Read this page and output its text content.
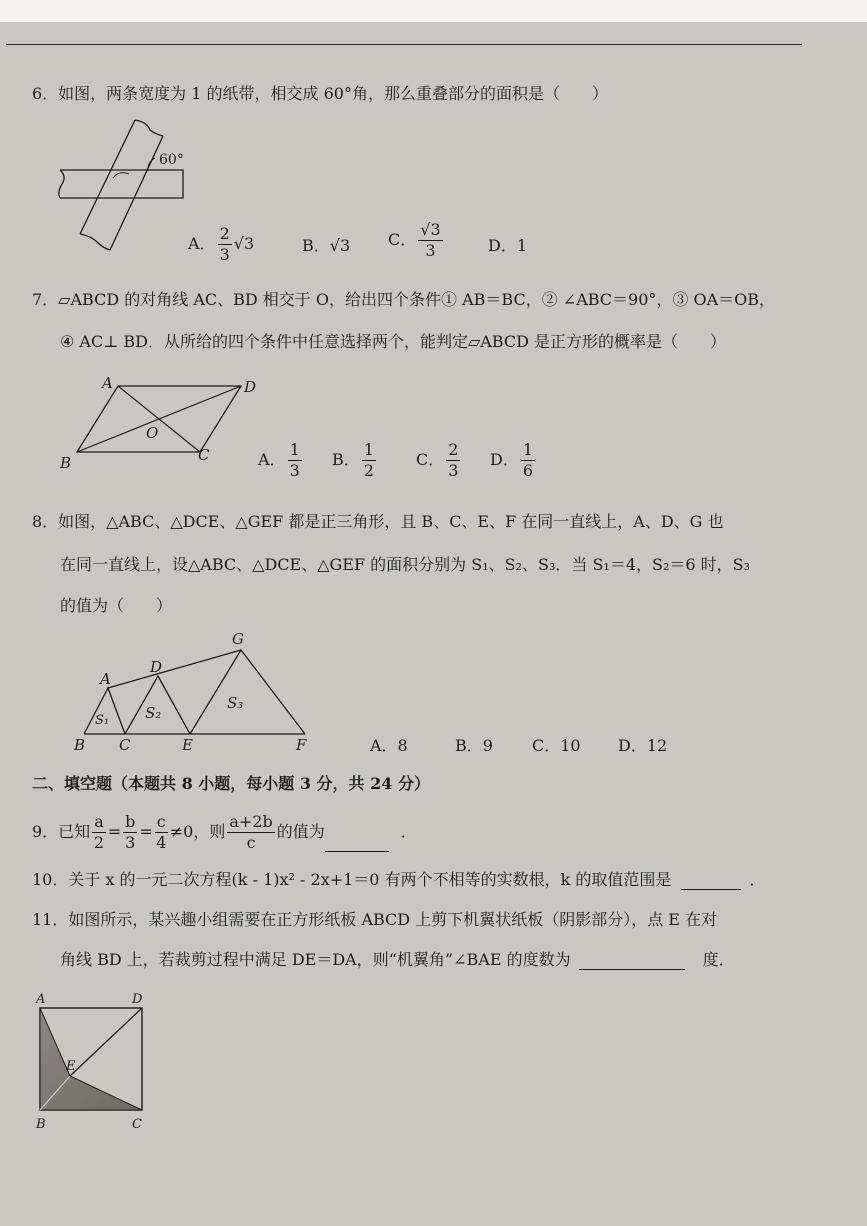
6．如图，两条宽度为 1 的纸带，相交成 60°角，那么重叠部分的面积是（　　）
60°
A． $\frac{2}{3} √3$	B．√3 C． $\frac{√3}{3}$	D．1
7．▱ABCD 的对角线 AC、BD 相交于 O，给出四个条件① AB＝BC，② ∠ABC＝90°，③ OA＝OB，
④ AC⊥ BD．从所给的四个条件中任意选择两个，能判定▱ABCD 是正方形的概率是（　　）
A	D
B	C
O
A． $\frac{1}{3}$ B． $\frac{1}{2}$	C． $\frac{2}{3}$ D． $\frac{1}{6}$
8．如图，△ABC、△DCE、△GEF 都是正三角形，且 B、C、E、F 在同一直线上，A、D、G 也
在同一直线上，设△ABC、△DCE、△GEF 的面积分别为 S₁、S₂、S₃．当 S₁＝4，S₂＝6 时，S₃
的值为（　　）
A
D
G
B C	E	F
S₁ S₂
S₃
A．8	B．9 C．10 D．12
二、填空题（本题共 8 小题，每小题 3 分，共 24 分）
9．已知 $\frac{a}{2} = \frac{b}{3} = \frac{c}{4} \ne 0$，则 $\frac{a+2b}{c}$ 的值为	．
10．关于 x 的一元二次方程(k - 1)x² - 2x+1＝0 有两个不相等的实数根，k 的取值范围是	．
11．如图所示，某兴趣小组需要在正方形纸板 ABCD 上剪下机翼状纸板（阴影部分），点 E 在对
角线 BD 上，若裁剪过程中满足 DE＝DA，则“机翼角”∠BAE 的度数为	度．
A	D
E
B	C
